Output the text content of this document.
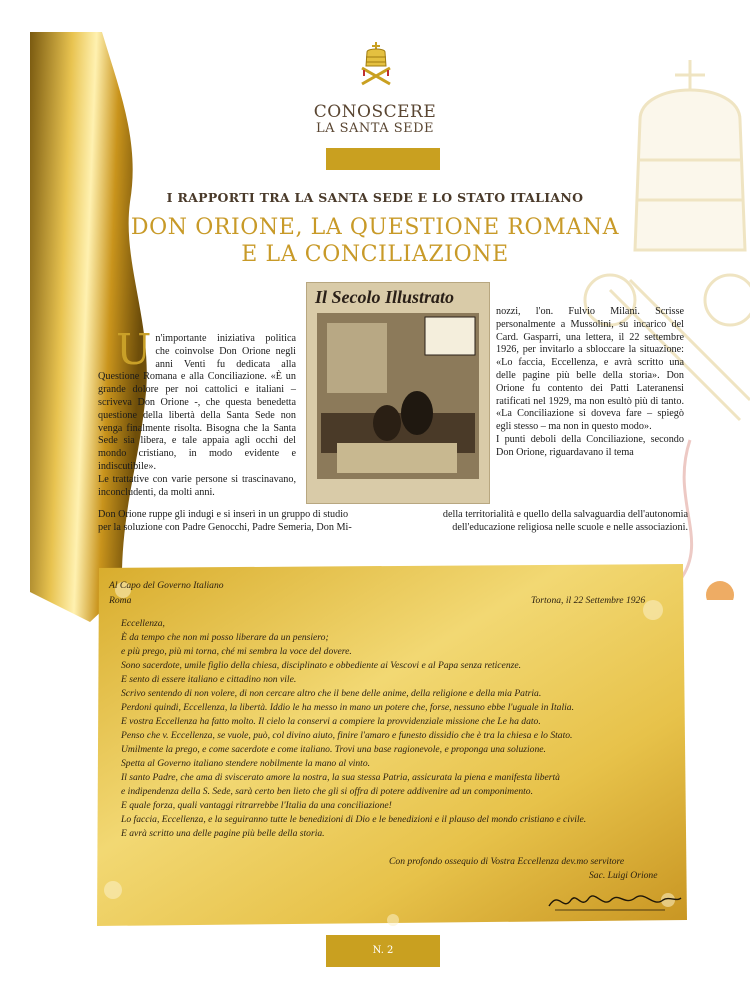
CONOSCERE
LA SANTA SEDE
I RAPPORTI TRA LA SANTA SEDE E LO STATO ITALIANO
DON ORIONE, LA QUESTIONE ROMANA
E LA CONCILIAZIONE
Il Secolo Illustrato
U n'importante iniziativa politica che coinvolse Don Orione negli anni Venti fu dedicata alla Questione Romana e alla Conciliazione. «È un grande dolore per noi cattolici e italiani – scriveva Don Orione -, che questa benedetta questione della libertà della Santa Sede non venga finalmente risolta. Bisogna che la Santa Sede sia libera, e tale appaia agli occhi del mondo cristiano, in modo evidente e indiscutibile».

Le trattative con varie persone si trascinavano, inconcludenti, da molti anni.

Don Orione ruppe gli indugi e si inserì in un gruppo di studio per la soluzione con Padre Genocchi, Padre Semeria, Don Mi-

nozzi, l'on. Fulvio Milani. Scrisse personalmente a Mussolini, su incarico del Card. Gasparri, una lettera, il 22 settembre 1926, per invitarlo a sbloccare la situazione: «Lo faccia, Eccellenza, e avrà scritto una delle pagine più belle della storia». Don Orione fu contento dei Patti Lateranensi ratificati nel 1929, ma non esultò più di tanto. «La Conciliazione si doveva fare – spiegò egli stesso – ma non in questo modo».

I punti deboli della Conciliazione, secondo Don Orione, riguardavano il tema

della territorialità e quello della salvaguardia dell'autonomia dell'educazione religiosa nelle scuole e nelle associazioni.
Al Capo del Governo Italiano
Roma	Tortona, il 22 Settembre 1926
Eccellenza,
È da tempo che non mi posso liberare da un pensiero;
e più prego, più mi torna, ché mi sembra la voce del dovere.
Sono sacerdote, umile figlio della chiesa, disciplinato e obbediente ai Vescovi e al Papa senza reticenze.
E sento di essere italiano e cittadino non vile.
Scrivo sentendo di non volere, di non cercare altro che il bene delle anime, della religione e della mia Patria.
Perdoni quindi, Eccellenza, la libertà. Iddio le ha messo in mano un potere che, forse, nessuno ebbe l'uguale in Italia.
E vostra Eccellenza ha fatto molto. Il cielo la conservi a compiere la provvidenziale missione che Le ha dato.
Penso che v. Eccellenza, se vuole, può, col divino aiuto, finire l'amaro e funesto dissidio che è tra la chiesa e lo Stato.
Umilmente la prego, e come sacerdote e come italiano. Trovi una base ragionevole, e proponga una soluzione.
Spetta al Governo italiano stendere nobilmente la mano al vinto.
Il santo Padre, che ama di svisceratо amore la nostra, la sua stessa Patria, assicurata la piena e manifesta libertà
e indipendenza della S. Sede, sarà certo ben lieto che gli si offra di potere addivenire ad un componimento.
E quale forza, quali vantaggi ritrarrebbe l'Italia da una conciliazione!
Lo faccia, Eccellenza, e la seguiranno tutte le benedizioni di Dio e le benedizioni e il plauso del mondo cristiano e civile.
E avrà scritto una delle pagine più belle della storia.
Con profondo ossequio di Vostra Eccellenza dev.mo servitore
Sac. Luigi Orione
N. 2
